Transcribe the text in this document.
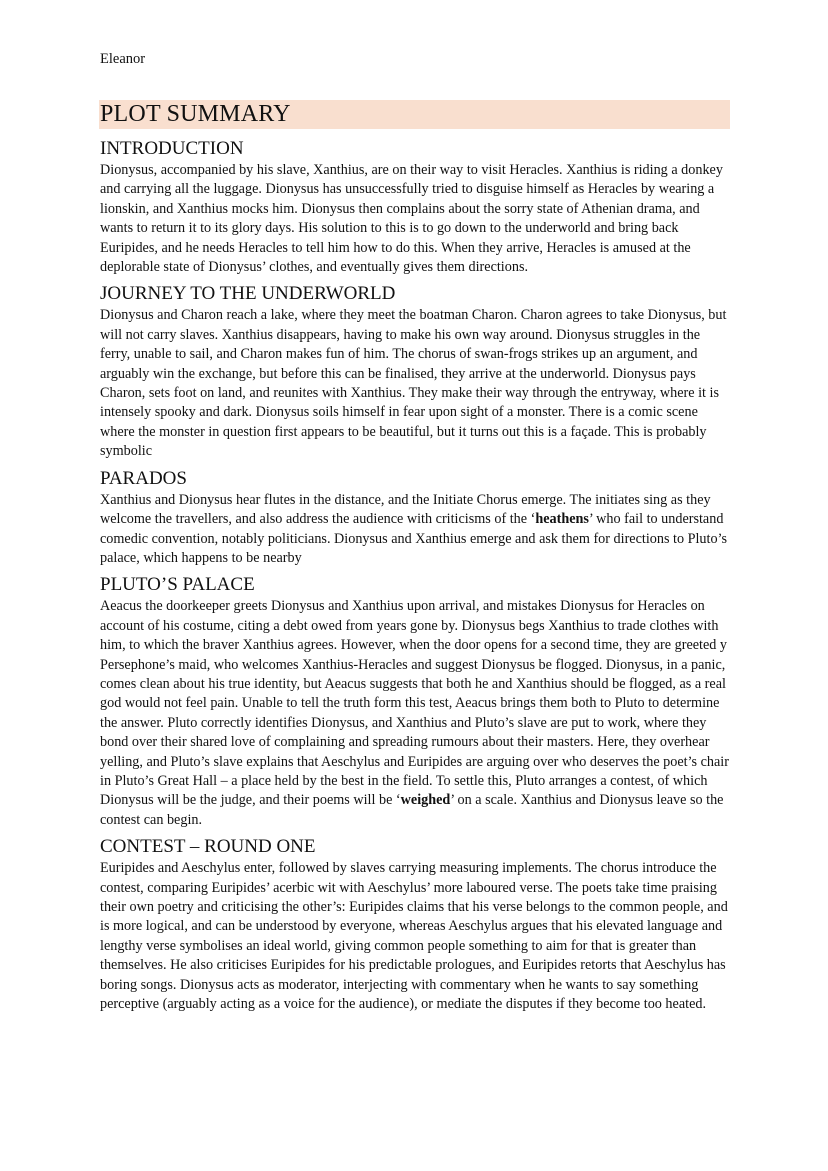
Eleanor
PLOT SUMMARY
INTRODUCTION

Dionysus, accompanied by his slave, Xanthius, are on their way to visit Heracles. Xanthius is riding a donkey and carrying all the luggage. Dionysus has unsuccessfully tried to disguise himself as Heracles by wearing a lionskin, and Xanthius mocks him. Dionysus then complains about the sorry state of Athenian drama, and wants to return it to its glory days. His solution to this is to go down to the underworld and bring back Euripides, and he needs Heracles to tell him how to do this. When they arrive, Heracles is amused at the deplorable state of Dionysus’ clothes, and eventually gives them directions.

JOURNEY TO THE UNDERWORLD

Dionysus and Charon reach a lake, where they meet the boatman Charon. Charon agrees to take Dionysus, but will not carry slaves. Xanthius disappears, having to make his own way around. Dionysus struggles in the ferry, unable to sail, and Charon makes fun of him. The chorus of swan-frogs strikes up an argument, and arguably win the exchange, but before this can be finalised, they arrive at the underworld. Dionysus pays Charon, sets foot on land, and reunites with Xanthius. They make their way through the entryway, where it is intensely spooky and dark. Dionysus soils himself in fear upon sight of a monster. There is a comic scene where the monster in question first appears to be beautiful, but it turns out this is a façade. This is probably symbolic

PARADOS

Xanthius and Dionysus hear flutes in the distance, and the Initiate Chorus emerge. The initiates sing as they welcome the travellers, and also address the audience with criticisms of the ‘heathens’ who fail to understand comedic convention, notably politicians. Dionysus and Xanthius emerge and ask them for directions to Pluto’s palace, which happens to be nearby

PLUTO’S PALACE

Aeacus the doorkeeper greets Dionysus and Xanthius upon arrival, and mistakes Dionysus for Heracles on account of his costume, citing a debt owed from years gone by. Dionysus begs Xanthius to trade clothes with him, to which the braver Xanthius agrees. However, when the door opens for a second time, they are greeted y Persephone’s maid, who welcomes Xanthius-Heracles and suggest Dionysus be flogged. Dionysus, in a panic, comes clean about his true identity, but Aeacus suggests that both he and Xanthius should be flogged, as a real god would not feel pain. Unable to tell the truth form this test, Aeacus brings them both to Pluto to determine the answer. Pluto correctly identifies Dionysus, and Xanthius and Pluto’s slave are put to work, where they bond over their shared love of complaining and spreading rumours about their masters. Here, they overhear yelling, and Pluto’s slave explains that Aeschylus and Euripides are arguing over who deserves the poet’s chair in Pluto’s Great Hall – a place held by the best in the field. To settle this, Pluto arranges a contest, of which Dionysus will be the judge, and their poems will be ‘weighed’ on a scale. Xanthius and Dionysus leave so the contest can begin.

CONTEST – ROUND ONE

Euripides and Aeschylus enter, followed by slaves carrying measuring implements. The chorus introduce the contest, comparing Euripides’ acerbic wit with Aeschylus’ more laboured verse. The poets take time praising their own poetry and criticising the other’s: Euripides claims that his verse belongs to the common people, and is more logical, and can be understood by everyone, whereas Aeschylus argues that his elevated language and lengthy verse symbolises an ideal world, giving common people something to aim for that is greater than themselves. He also criticises Euripides for his predictable prologues, and Euripides retorts that Aeschylus has boring songs. Dionysus acts as moderator, interjecting with commentary when he wants to say something perceptive (arguably acting as a voice for the audience), or mediate the disputes if they become too heated.
